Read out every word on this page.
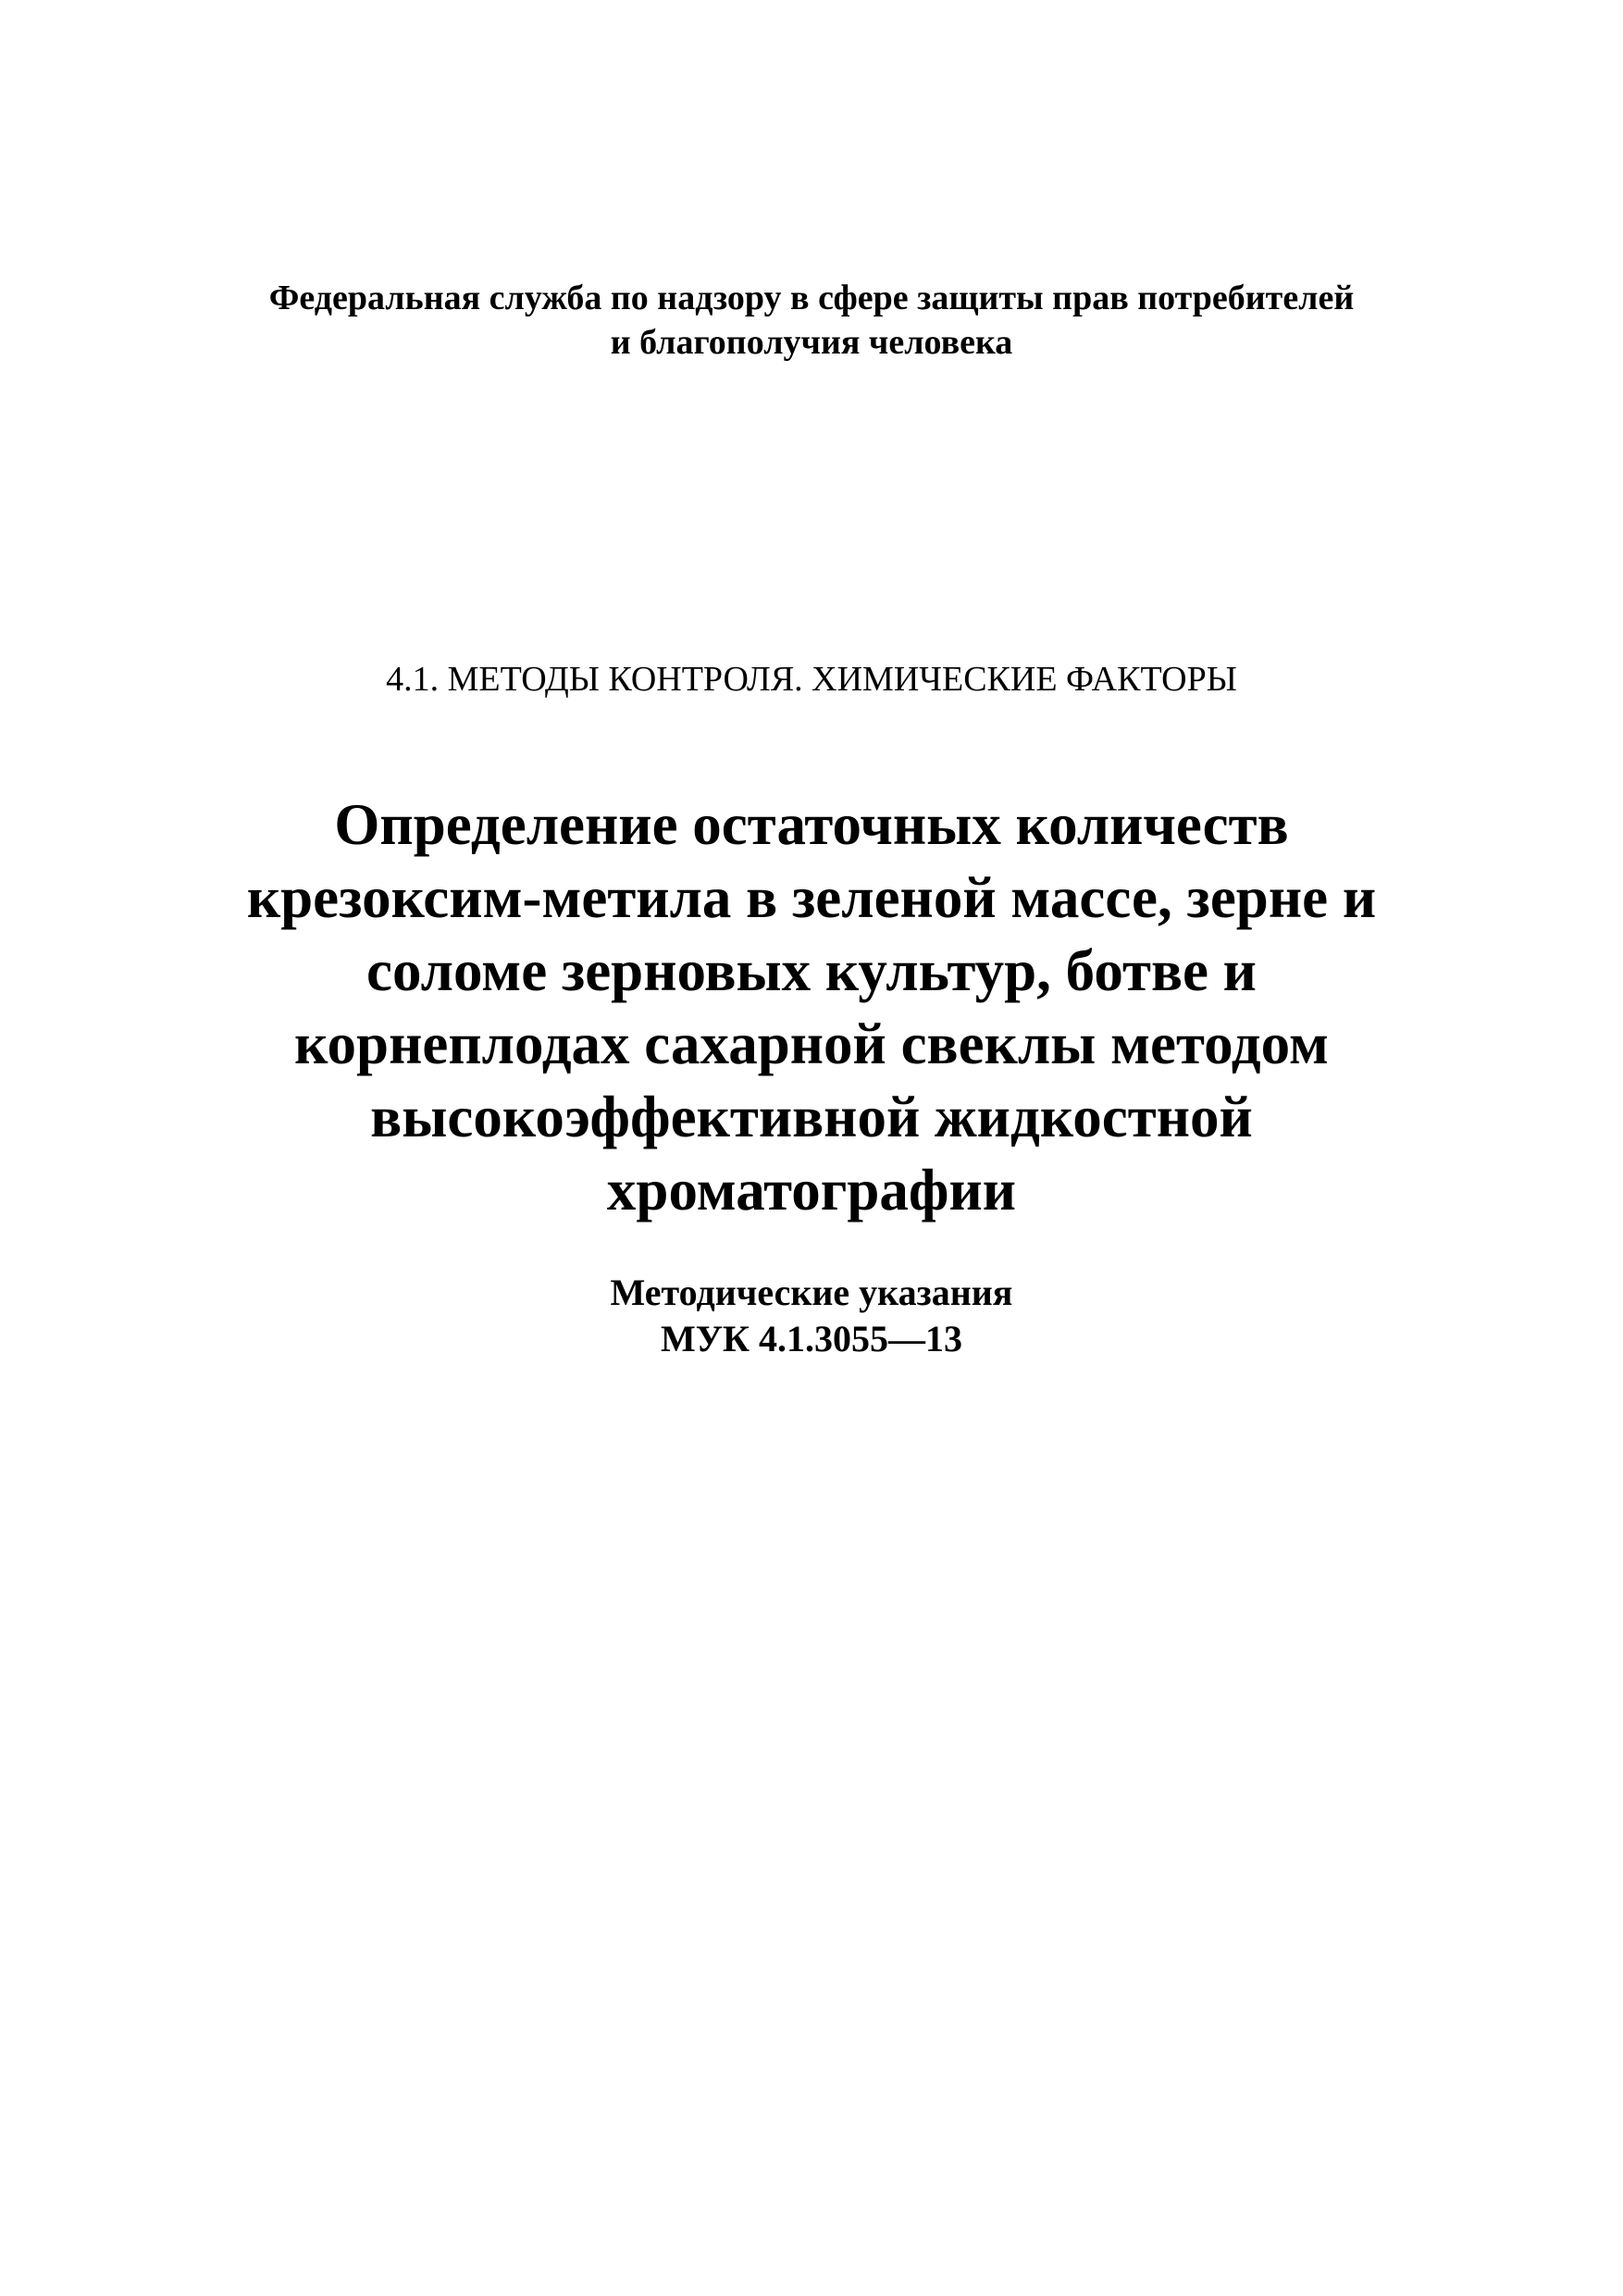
Федеральная служба по надзору в сфере защиты прав потребителей
и благополучия человека
4.1. МЕТОДЫ КОНТРОЛЯ. ХИМИЧЕСКИЕ ФАКТОРЫ
Определение остаточных количеств
крезоксим-метила в зеленой массе, зерне и
соломе зерновых культур, ботве и
корнеплодах сахарной свеклы методом
высокоэффективной жидкостной
хроматографии
Методические указания
МУК 4.1.3055—13
